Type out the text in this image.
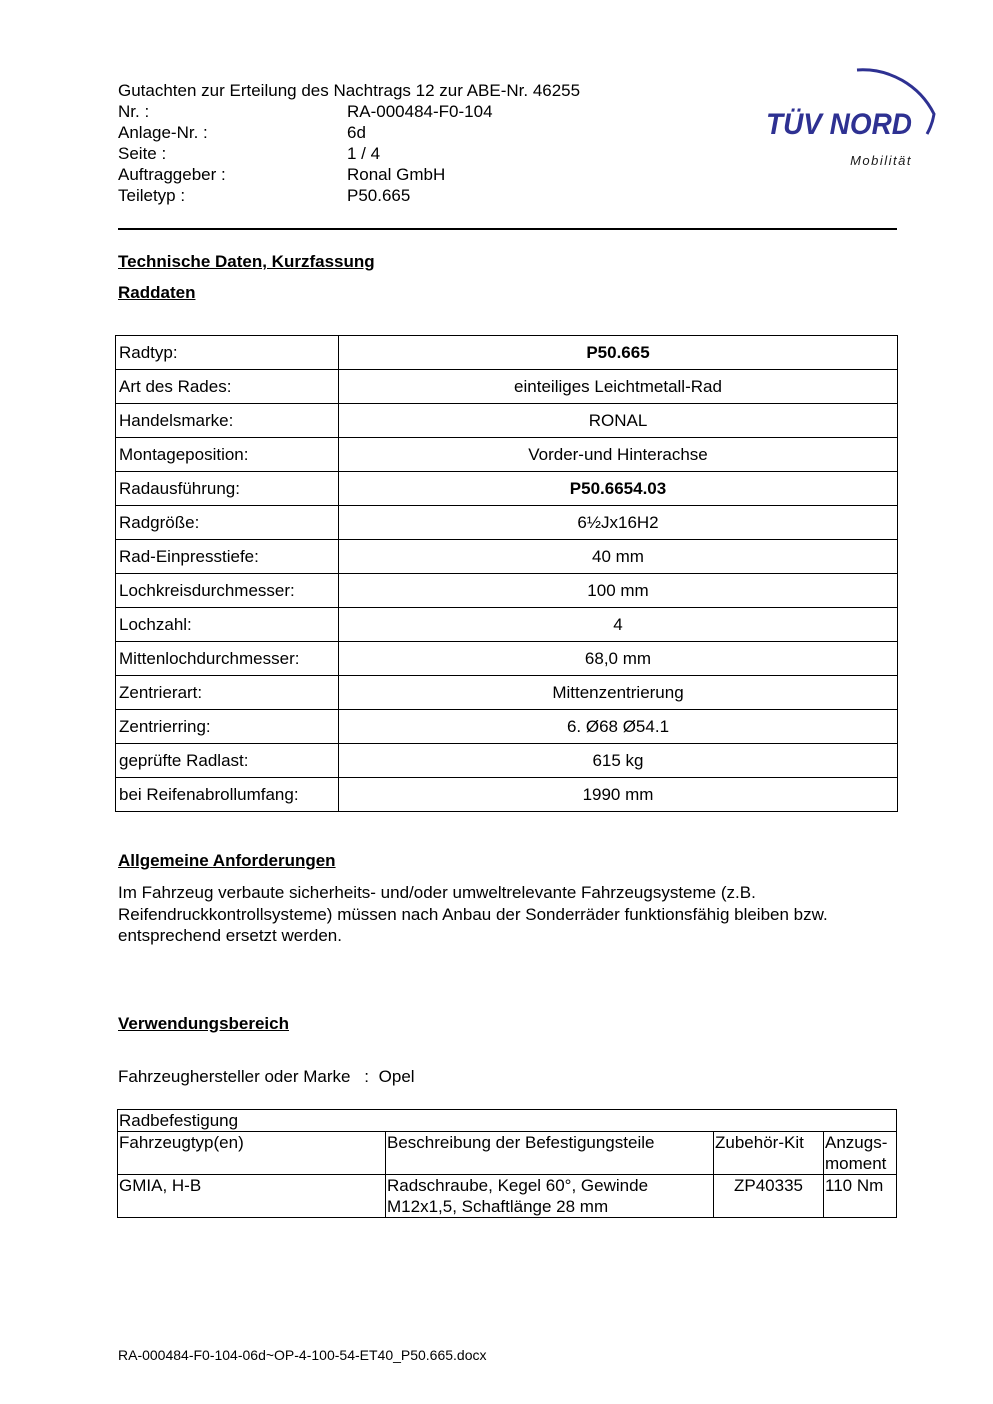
Gutachten zur Erteilung des Nachtrags 12 zur ABE-Nr. 46255
Nr. :	RA-000484-F0-104
Anlage-Nr. :	6d
Seite :	1 / 4
Auftraggeber :	Ronal GmbH
Teiletyp :	P50.665
TÜV NORD
Mobilität
Technische Daten, Kurzfassung
Raddaten
Radtyp:	P50.665
Art des Rades:	einteiliges Leichtmetall-Rad
Handelsmarke:	RONAL
Montageposition:	Vorder-und Hinterachse
Radausführung:	P50.6654.03
Radgröße:	6½Jx16H2
Rad-Einpresstiefe:	40 mm
Lochkreisdurchmesser:	100 mm
Lochzahl:	4
Mittenlochdurchmesser:	68,0 mm
Zentrierart:	Mittenzentrierung
Zentrierring:	6. Ø68 Ø54.1
geprüfte Radlast:	615 kg
bei Reifenabrollumfang:	1990 mm
Allgemeine Anforderungen
Im Fahrzeug verbaute sicherheits- und/oder umweltrelevante Fahrzeugsysteme (z.B.
Reifendruckkontrollsysteme) müssen nach Anbau der Sonderräder funktionsfähig bleiben bzw.
entsprechend ersetzt werden.
Verwendungsbereich
Fahrzeughersteller oder Marke : Opel
Radbefestigung			
Fahrzeugtyp(en)	Beschreibung der Befestigungsteile	Zubehör-Kit	Anzugs-
moment

GMIA, H-B	Radschraube, Kegel 60°, Gewinde
M12x1,5, Schaftlänge 28 mm	ZP40335	110 Nm
RA-000484-F0-104-06d~OP-4-100-54-ET40_P50.665.docx
